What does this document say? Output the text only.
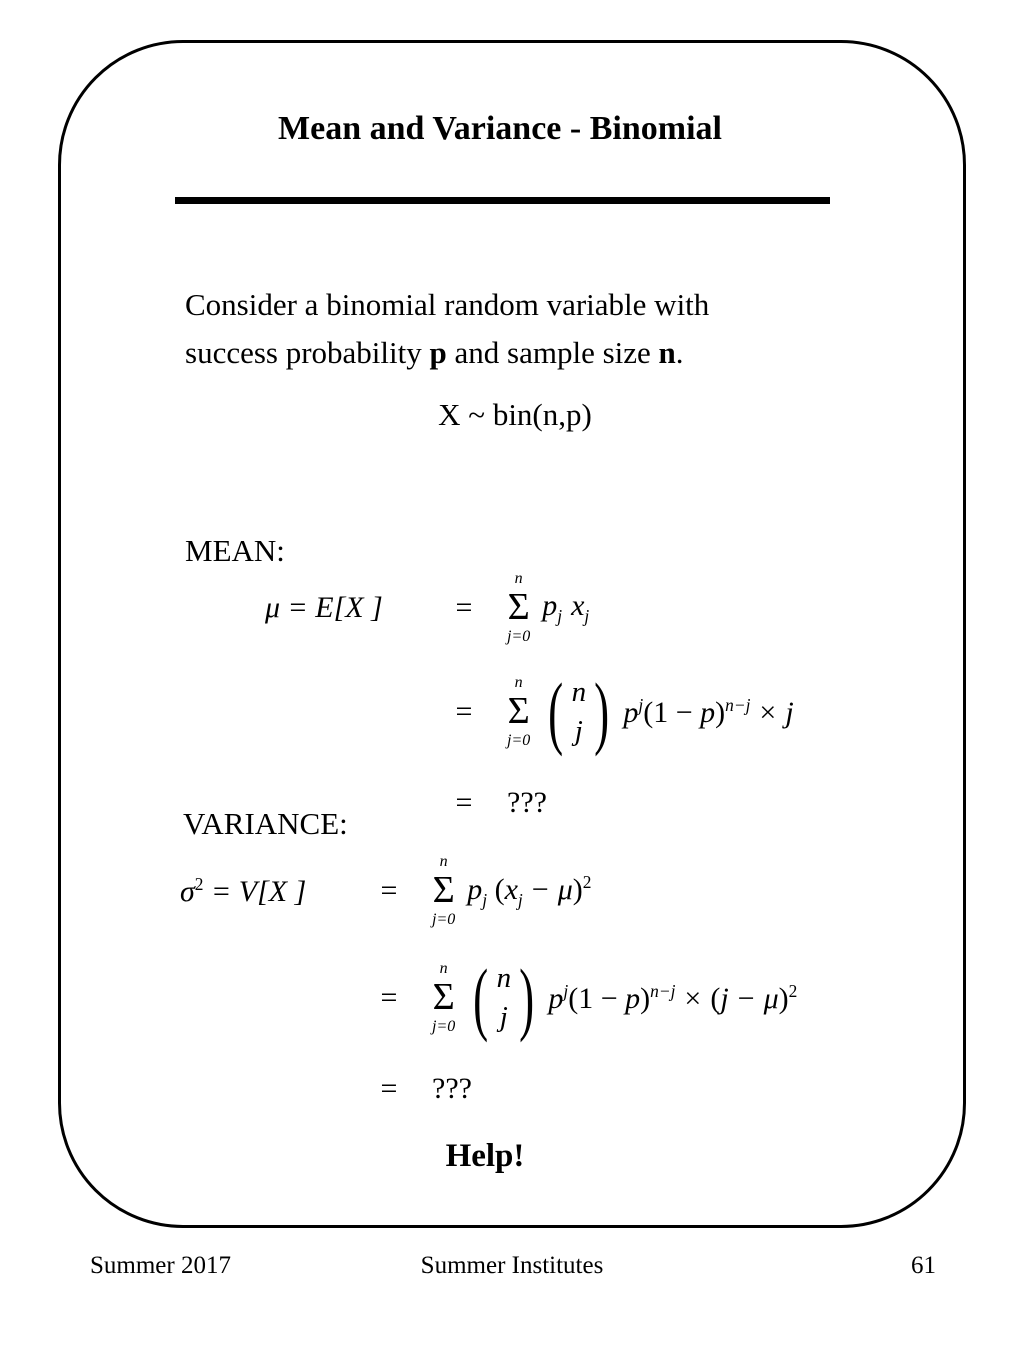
Mean and Variance - Binomial
Consider a binomial random variable with
success probability p and sample size n.
X ~ bin(n,p)
MEAN:
μ = E[X ]	=
n
Σ
j=0
$p_j$ $x_j$
=
n
Σ
j=0 ( n
j ) $p^j(1 - p)^{n-j} \times j$
=	???
VARIANCE:
$\sigma^2 = V[X$ ]	=
n
Σ
j=0
$p_j$ $(x_j - \mu)^2$
=
n
Σ
j=0 ( n
j ) $p^j(1 - p)^{n-j} \times (j - \mu)^2$
=	???
Help!
Summer 2017	Summer Institutes	61
